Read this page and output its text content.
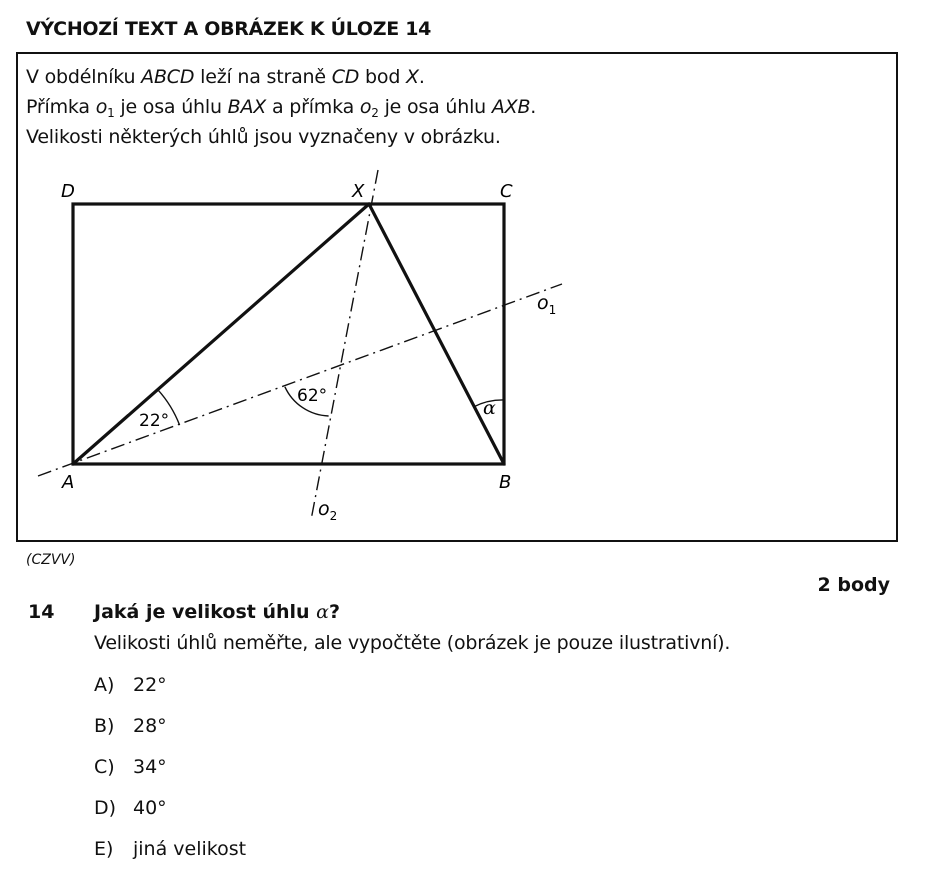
VÝCHOZÍ TEXT A OBRÁZEK K ÚLOZE 14
V obdélníku ABCD leží na straně CD bod X.
Přímka $o_1$ je osa úhlu BAX a přímka $o_2$ je osa úhlu AXB.
Velikosti některých úhlů jsou vyznačeny v obrázku.
A	B
C
D	X
$o_1$
$o_2$
22°
62°
α
(CZVV)
2 body
14 Jaká je velikost úhlu α?
Velikosti úhlů neměřte, ale vypočtěte (obrázek je pouze ilustrativní).
A) 22°
B) 28°
C) 34°
D) 40°
E)	jiná velikost
